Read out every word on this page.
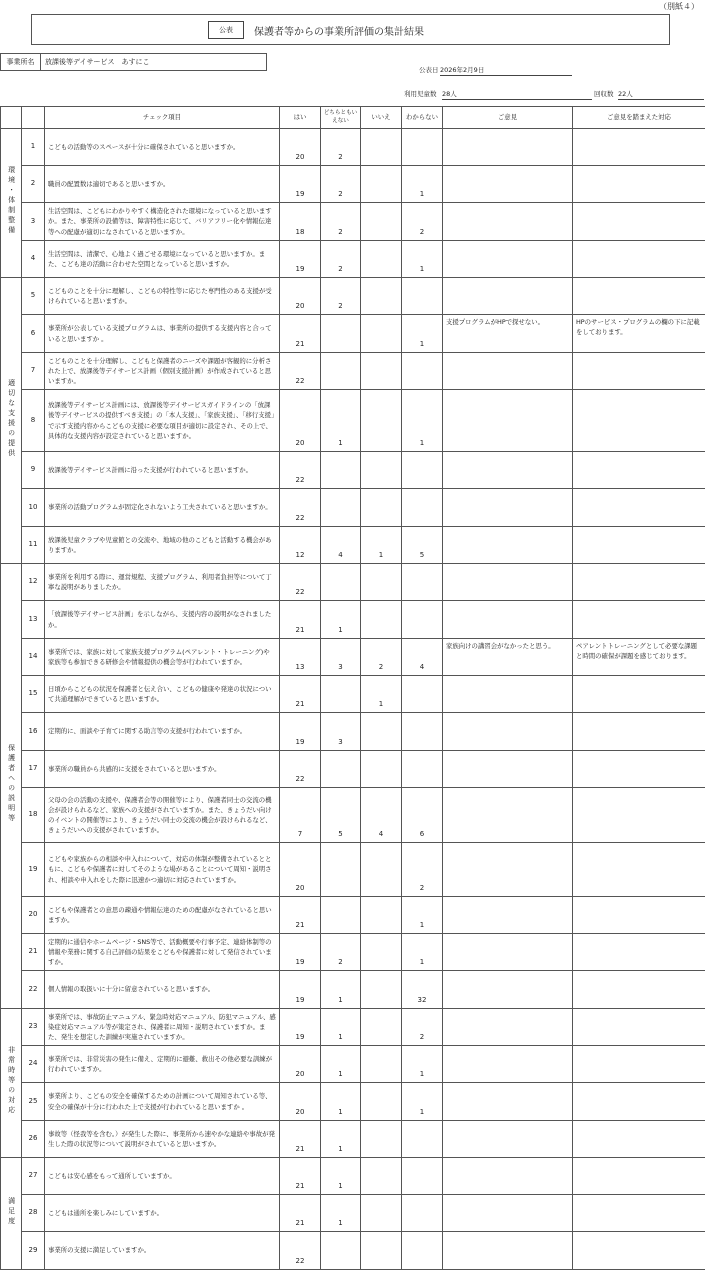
（別紙４）
公表	保護者等からの事業所評価の集計結果
事業所名	放課後等デイサービス　あすにこ
公表日 2026年2月9日
利用児童数 28人	回収数 22人
		チェック項目	はい	どちらともいえない	いいえ	わからない	ご意見	ご意見を踏まえた対応
環境・体制整備	1	こどもの活動等のスペースが十分に確保されていると思いますか。	20	2				
	2	職員の配置数は適切であると思いますか。	19	2		1		
	3	生活空間は、こどもにわかりやすく構造化された環境になっていると思いますか。また、事業所の設備等は、障害特性に応じて、バリアフリー化や情報伝達等への配慮が適切になされていると思いますか。	18	2		2		
	4	生活空間は、清潔で、心地よく過ごせる環境になっていると思いますか。また、こども達の活動に合わせた空間となっていると思いますか。	19	2		1		
適切な支援の提供	5	こどものことを十分に理解し、こどもの特性等に応じた専門性のある支援が受けられていると思いますか。	20	2				
	6	事業所が公表している支援プログラムは、事業所の提供する支援内容と合っていると思いますか 。	21			1	支援プログラムがHPで探せない。	HPのサービス・プログラムの欄の下に記載をしております。
	7	こどものことを十分理解し、こどもと保護者のニーズや課題が客観的に分析された上で、放課後等デイサービス計画（個別支援計画）が作成されていると思いますか。	22					
	8	放課後等デイサービス計画には、放課後等デイサービスガイドラインの「放課後等デイサービスの提供すべき支援」の「本人支援」、「家族支援」、「移行支援」で示す支援内容からこどもの支援に必要な項目が適切に設定され、その上で、具体的な支援内容が設定されていると思いますか。	20	1		1		
	9	放課後等デイサービス計画に沿った支援が行われていると思いますか。	22					
	10	事業所の活動プログラムが固定化されないよう工夫されていると思いますか。	22					
	11	放課後児童クラブや児童館との交流や、地域の他のこどもと活動する機会がありますか。	12	4	1	5		
保護者への説明等	12	事業所を利用する際に、運営規程、支援プログラム、利用者負担等について丁寧な説明がありましたか。	22					
	13	「放課後等デイサービス計画」を示しながら、支援内容の説明がなされましたか。	21	1				
	14	事業所では、家族に対して家族支援プログラム(ペアレント・トレーニング)や家族等も参加できる研修会や情報提供の機会等が行われていますか。	13	3	2	4	家族向けの講習会がなかったと思う。	ペアレントトレーニングとして必要な課題と時間の確保が課題を感じております。
	15	日頃からこどもの状況を保護者と伝え合い、こどもの健康や発達の状況について共通理解ができていると思いますか。	21		1			
	16	定期的に、面談や子育てに関する助言等の支援が行われていますか。	19	3				
	17	事業所の職員から共感的に支援をされていると思いますか。	22					
	18	父母の会の活動の支援や、保護者会等の開催等により、保護者同士の交流の機会が設けられるなど、家族への支援がされていますか。また、きょうだい向けのイベントの開催等により、きょうだい同士の交流の機会が設けられるなど、きょうだいへの支援がされていますか。	7	5	4	6		
	19	こどもや家族からの相談や申入れについて、対応の体制が整備されているとともに、こどもや保護者に対してそのような場があることについて周知・説明され、相談や申入れをした際に迅速かつ適切に対応されていますか。	20			2		
	20	こどもや保護者との意思の疎通や情報伝達のための配慮がなされていると思いますか。	21			1		
	21	定期的に通信やホームページ・SNS等で、活動概要や行事予定、連絡体制等の情報や業務に関する自己評価の結果をこどもや保護者に対して発信されていますか。	19	2		1		
	22	個人情報の取扱いに十分に留意されていると思いますか。	19	1		32		
非常時等の対応	23	事業所では、事故防止マニュアル、緊急時対応マニュアル、防犯マニュアル、感染症対応マニュアル等が策定され、保護者に周知・説明されていますか。また、発生を想定した訓練が実施されていますか。	19	1		2		
	24	事業所では、非常災害の発生に備え、定期的に避難、救出その他必要な訓練が行われていますか。	20	1		1		
	25	事業所より、こどもの安全を確保するための計画について周知されている等、安全の確保が十分に行われた上で支援が行われていると思いますか 。	20	1		1		
	26	事故等（怪我等を含む。）が発生した際に、事業所から速やかな連絡や事故が発生した際の状況等について説明がされていると思いますか。	21	1				
満足度	27	こどもは安心感をもって通所していますか。	21	1				
	28	こどもは通所を楽しみにしていますか。	21	1				
	29	事業所の支援に満足していますか。	22					
